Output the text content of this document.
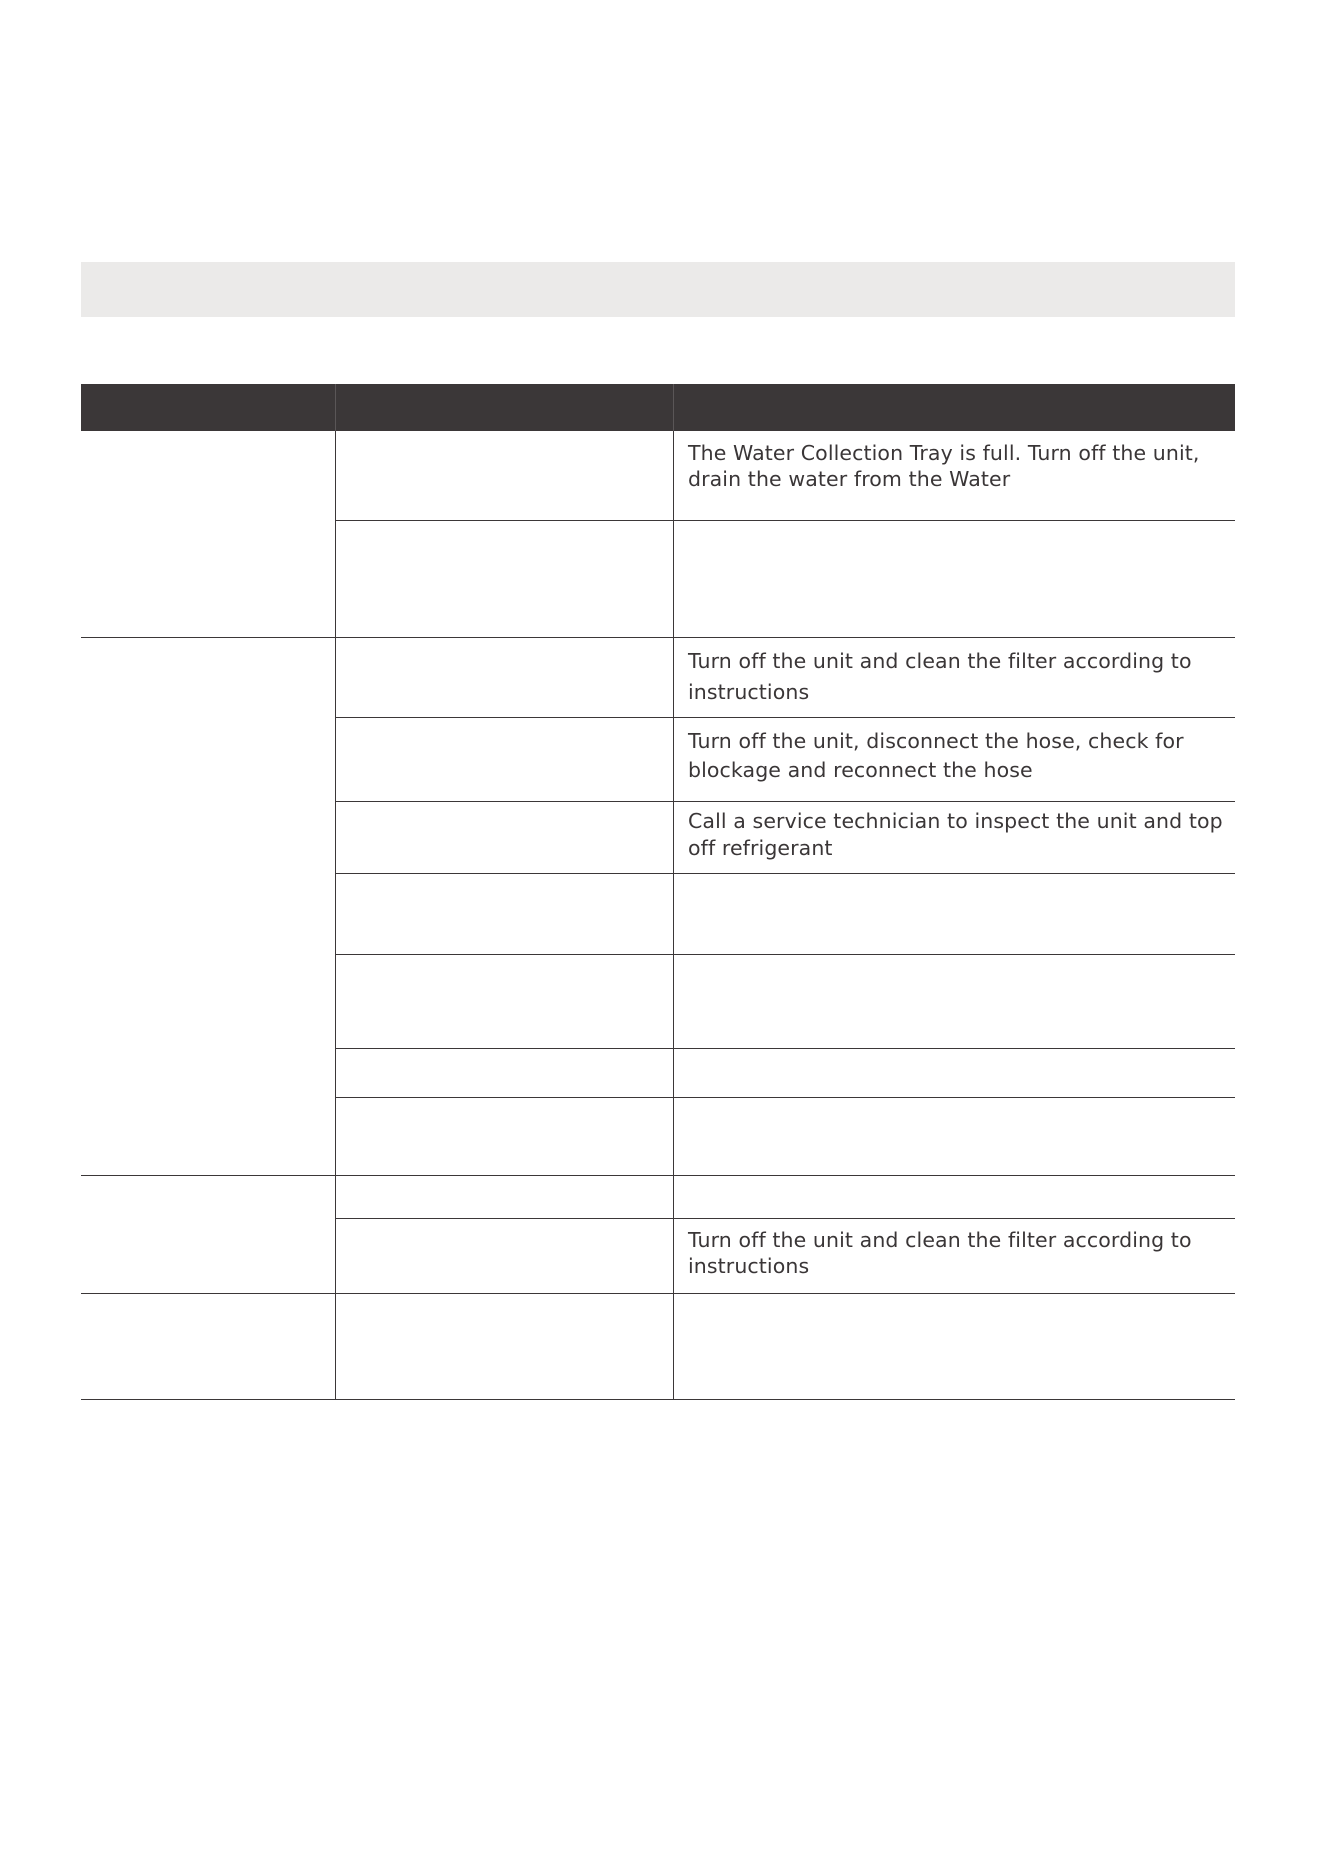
The Water Collection Tray is full. Turn off the unit, drain the water from the Water
Turn off the unit and clean the filter according to instructions
Turn off the unit, disconnect the hose, check for blockage and reconnect the hose
Call a service technician to inspect the unit and top off refrigerant
Turn off the unit and clean the filter according to instructions
